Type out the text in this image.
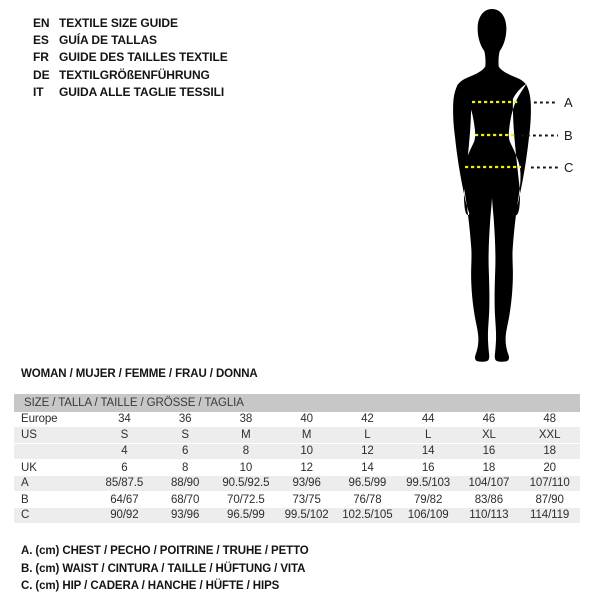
EN TEXTILE SIZE GUIDE
ES GUÍA DE TALLAS
FR GUIDE DES TAILLES TEXTILE
DE TEXTILGRÖßENFÜHRUNG
IT	GUIDA ALLE TAGLIE TESSILI
A
B
C
WOMAN / MUJER / FEMME / FRAU / DONNA
SIZE / TALLA / TAILLE / GRÖSSE / TAGLIA								
Europe	34	36	38	40	42	44	46	48
US	S	S	M	M	L	L	XL	XXL
	4	6	8	10	12	14	16	18
UK	6	8	10	12	14	16	18	20
A	85/87.5	88/90	90.5/92.5	93/96	96.5/99	99.5/103	104/107	107/110
B	64/67	68/70	70/72.5	73/75	76/78	79/82	83/86	87/90
C	90/92	93/96	96.5/99	99.5/102	102.5/105	106/109	110/113	114/119
A. (cm) CHEST / PECHO / POITRINE / TRUHE / PETTO
B. (cm) WAIST / CINTURA / TAILLE / HÜFTUNG / VITA
C. (cm) HIP / CADERA / HANCHE / HÜFTE / HIPS
